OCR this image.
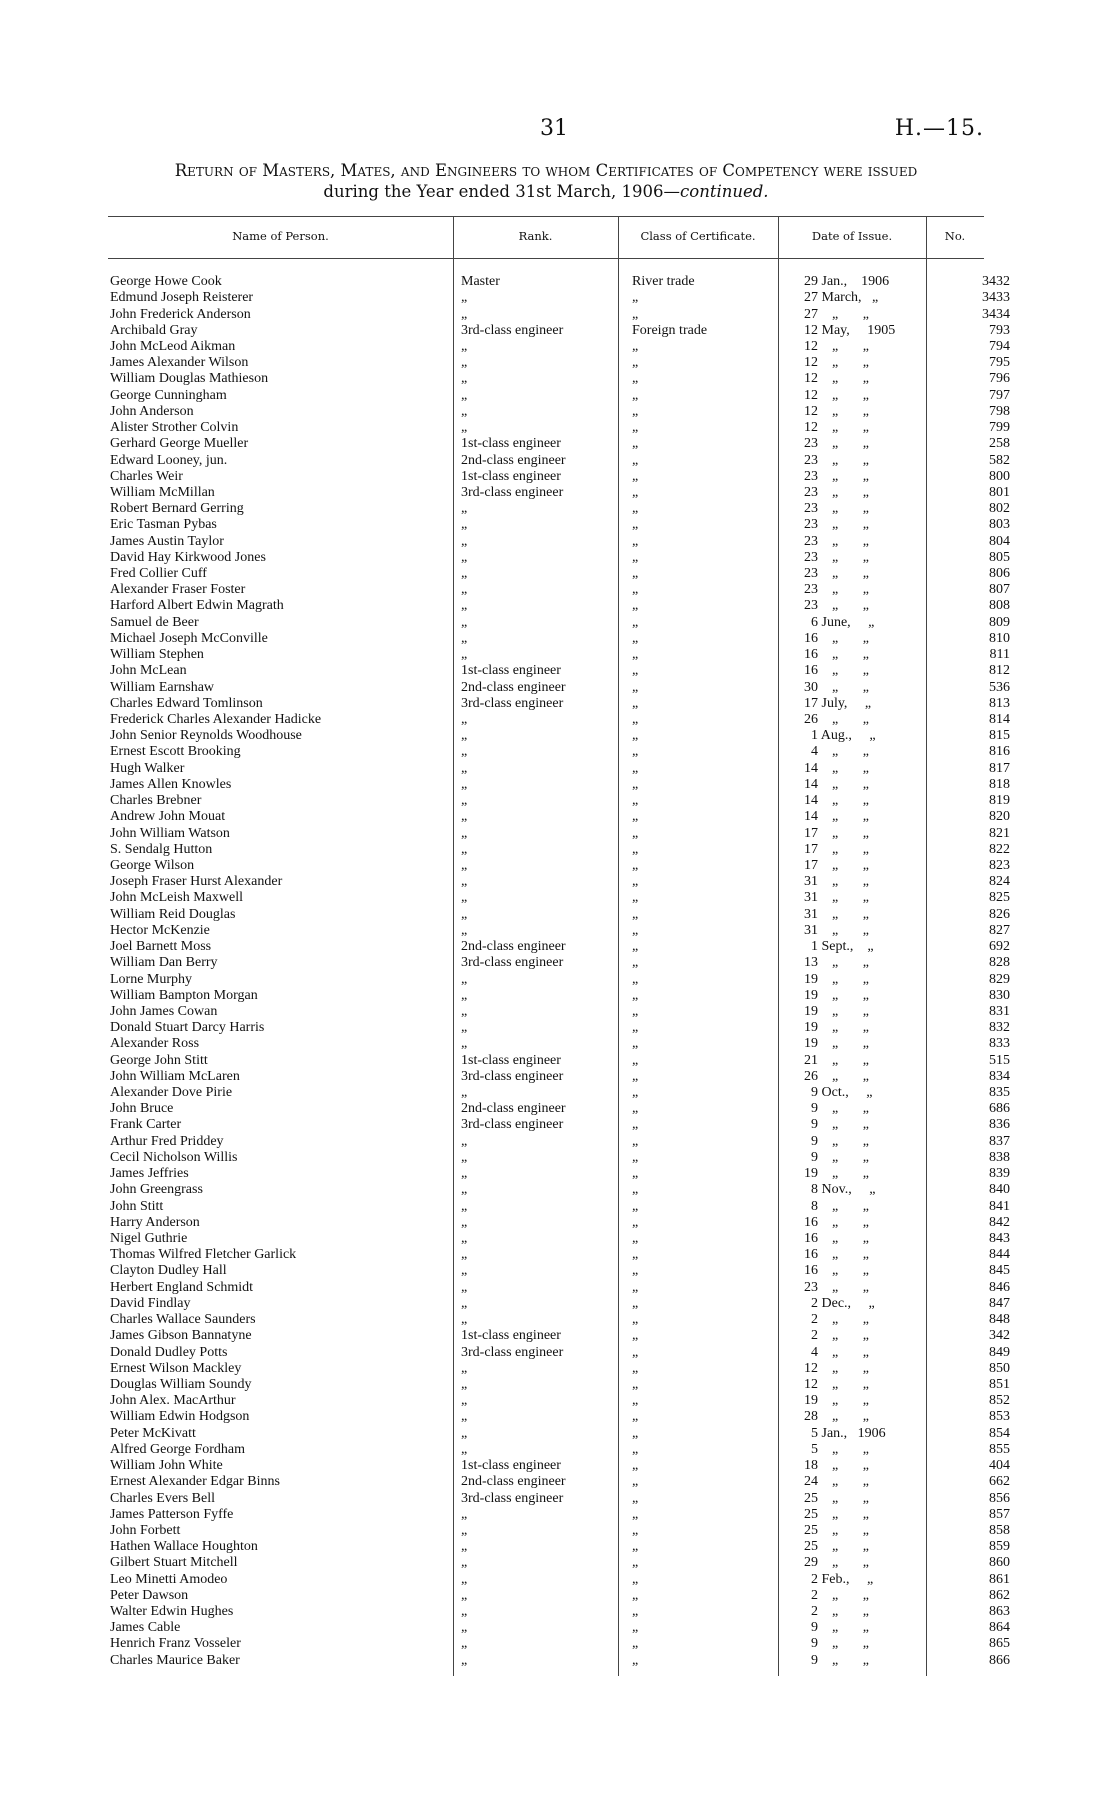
31	H.—15.
Return of Masters, Mates, and Engineers to whom Certificates of Competency were issued
during the Year ended 31st March, 1906—continued.
Name of Person.	Rank.	Class of Certificate.	Date of Issue.	No.
George Howe Cook	Master	River trade	29 Jan.,    1906	3432
Edmund Joseph Reisterer	„	„	27 March,   „	3433
John Frederick Anderson	„	„	27    „       „	3434
Archibald Gray	3rd-class engineer	Foreign trade	12 May,     1905	793
John McLeod Aikman	„	„	12    „       „	794
James Alexander Wilson	„	„	12    „       „	795
William Douglas Mathieson	„	„	12    „       „	796
George Cunningham	„	„	12    „       „	797
John Anderson	„	„	12    „       „	798
Alister Strother Colvin	„	„	12    „       „	799
Gerhard George Mueller	1st-class engineer	„	23    „       „	258
Edward Looney, jun.	2nd-class engineer	„	23    „       „	582
Charles Weir	1st-class engineer	„	23    „       „	800
William McMillan	3rd-class engineer	„	23    „       „	801
Robert Bernard Gerring	„	„	23    „       „	802
Eric Tasman Pybas	„	„	23    „       „	803
James Austin Taylor	„	„	23    „       „	804
David Hay Kirkwood Jones	„	„	23    „       „	805
Fred Collier Cuff	„	„	23    „       „	806
Alexander Fraser Foster	„	„	23    „       „	807
Harford Albert Edwin Magrath	„	„	23    „       „	808
Samuel de Beer	„	„	6 June,     „	809
Michael Joseph McConville	„	„	16    „       „	810
William Stephen	„	„	16    „       „	811
John McLean	1st-class engineer	„	16    „       „	812
William Earnshaw	2nd-class engineer	„	30    „       „	536
Charles Edward Tomlinson	3rd-class engineer	„	17 July,     „	813
Frederick Charles Alexander Hadicke	„	„	26    „       „	814
John Senior Reynolds Woodhouse	„	„	1 Aug.,     „	815
Ernest Escott Brooking	„	„	4    „       „	816
Hugh Walker	„	„	14    „       „	817
James Allen Knowles	„	„	14    „       „	818
Charles Brebner	„	„	14    „       „	819
Andrew John Mouat	„	„	14    „       „	820
John William Watson	„	„	17    „       „	821
S. Sendalg Hutton	„	„	17    „       „	822
George Wilson	„	„	17    „       „	823
Joseph Fraser Hurst Alexander	„	„	31    „       „	824
John McLeish Maxwell	„	„	31    „       „	825
William Reid Douglas	„	„	31    „       „	826
Hector McKenzie	„	„	31    „       „	827
Joel Barnett Moss	2nd-class engineer	„	1 Sept.,    „	692
William Dan Berry	3rd-class engineer	„	13    „       „	828
Lorne Murphy	„	„	19    „       „	829
William Bampton Morgan	„	„	19    „       „	830
John James Cowan	„	„	19    „       „	831
Donald Stuart Darcy Harris	„	„	19    „       „	832
Alexander Ross	„	„	19    „       „	833
George John Stitt	1st-class engineer	„	21    „       „	515
John William McLaren	3rd-class engineer	„	26    „       „	834
Alexander Dove Pirie	„	„	9 Oct.,     „	835
John Bruce	2nd-class engineer	„	9    „       „	686
Frank Carter	3rd-class engineer	„	9    „       „	836
Arthur Fred Priddey	„	„	9    „       „	837
Cecil Nicholson Willis	„	„	9    „       „	838
James Jeffries	„	„	19    „       „	839
John Greengrass	„	„	8 Nov.,     „	840
John Stitt	„	„	8    „       „	841
Harry Anderson	„	„	16    „       „	842
Nigel Guthrie	„	„	16    „       „	843
Thomas Wilfred Fletcher Garlick	„	„	16    „       „	844
Clayton Dudley Hall	„	„	16    „       „	845
Herbert England Schmidt	„	„	23    „       „	846
David Findlay	„	„	2 Dec.,     „	847
Charles Wallace Saunders	„	„	2    „       „	848
James Gibson Bannatyne	1st-class engineer	„	2    „       „	342
Donald Dudley Potts	3rd-class engineer	„	4    „       „	849
Ernest Wilson Mackley	„	„	12    „       „	850
Douglas William Soundy	„	„	12    „       „	851
John Alex. MacArthur	„	„	19    „       „	852
William Edwin Hodgson	„	„	28    „       „	853
Peter McKivatt	„	„	5 Jan.,   1906	854
Alfred George Fordham	„	„	5    „       „	855
William John White	1st-class engineer	„	18    „       „	404
Ernest Alexander Edgar Binns	2nd-class engineer	„	24    „       „	662
Charles Evers Bell	3rd-class engineer	„	25    „       „	856
James Patterson Fyffe	„	„	25    „       „	857
John Forbett	„	„	25    „       „	858
Hathen Wallace Houghton	„	„	25    „       „	859
Gilbert Stuart Mitchell	„	„	29    „       „	860
Leo Minetti Amodeo	„	„	2 Feb.,     „	861
Peter Dawson	„	„	2    „       „	862
Walter Edwin Hughes	„	„	2    „       „	863
James Cable	„	„	9    „       „	864
Henrich Franz Vosseler	„	„	9    „       „	865
Charles Maurice Baker	„	„	9    „       „	866
